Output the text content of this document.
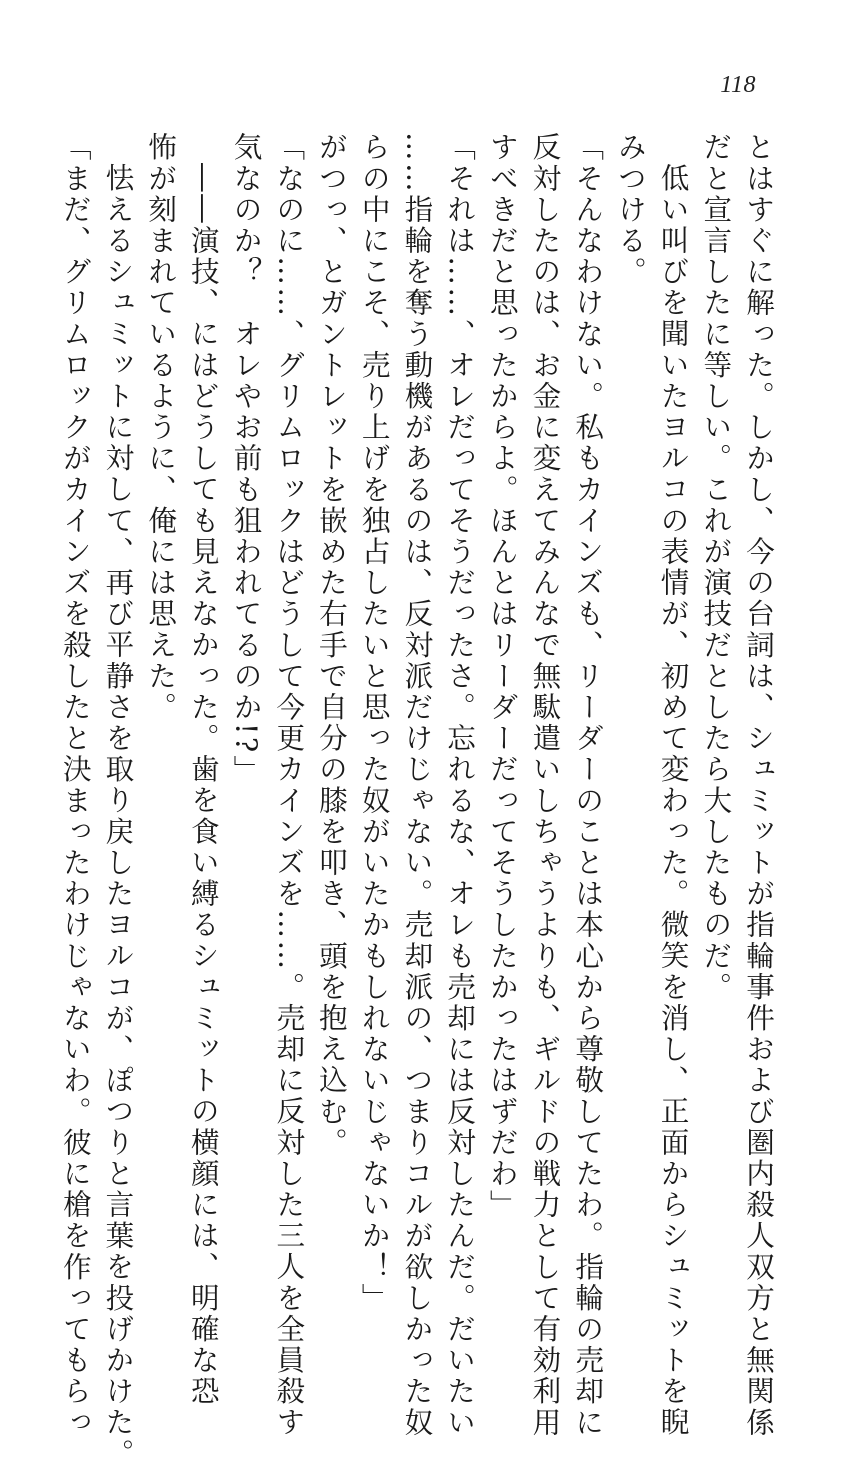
118
とはすぐに解った。しかし、今の台詞は、シュミットが指輪事件および圏内殺人双方と無関係
だと宣言したに等しい。これが演技だとしたら大したものだ。
低い叫びを聞いたヨルコの表情が、初めて変わった。微笑を消し、正面からシュミットを睨
みつける。
「そんなわけない。私もカインズも、リーダーのことは本心から尊敬してたわ。指輪の売却に
反対したのは、お金に変えてみんなで無駄遣いしちゃうよりも、ギルドの戦力として有効利用
すべきだと思ったからよ。ほんとはリーダーだってそうしたかったはずだわ」
「それは……、オレだってそうだったさ。忘れるな、オレも売却には反対したんだ。だいたい
……指輪を奪う動機があるのは、反対派だけじゃない。売却派の、つまりコルが欲しかった奴
らの中にこそ、売り上げを独占したいと思った奴がいたかもしれないじゃないか！」
がつっ、とガントレットを嵌めた右手で自分の膝を叩き、頭を抱え込む。
「なのに……、グリムロックはどうして今更カインズを……。売却に反対した三人を全員殺す
気なのか？　オレやお前も狙われてるのか!?」
――演技、にはどうしても見えなかった。歯を食い縛るシュミットの横顔には、明確な恐
怖が刻まれているように、俺には思えた。
怯えるシュミットに対して、再び平静さを取り戻したヨルコが、ぽつりと言葉を投げかけた。
「まだ、グリムロックがカインズを殺したと決まったわけじゃないわ。彼に槍を作ってもらっ
